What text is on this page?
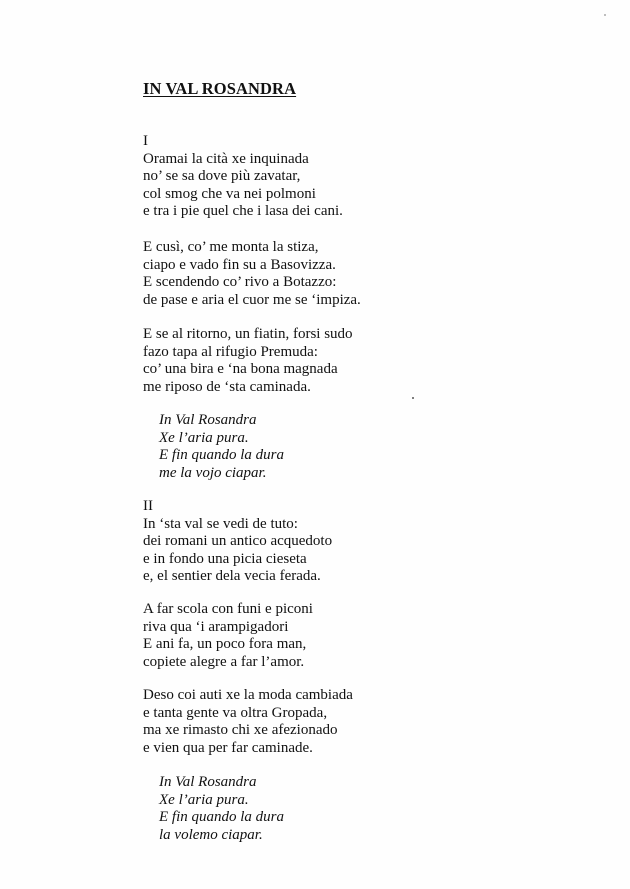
IN VAL ROSANDRA
I
Oramai la cità xe inquinada
no’ se sa dove più zavatar,
col smog che va nei polmoni
e tra i pie quel che i lasa dei cani.
E cusì, co’ me monta la stiza,
ciapo e vado fin su a Basovizza.
E scendendo co’ rivo a Botazzo:
de pase e aria el cuor me se ‘impiza.
E se al ritorno, un fiatin, forsi sudo
fazo tapa al rifugio Premuda:
co’ una bira e ‘na bona magnada
me riposo de ‘sta caminada.
In Val Rosandra
Xe l’aria pura.
E fin quando la dura
me la vojo ciapar.
II
In ‘sta val se vedi de tuto:
dei romani un antico acquedoto
e in fondo una picia cieseta
e, el sentier dela vecia ferada.
A far scola con funi e piconi
riva qua ‘i arampigadori
E ani fa, un poco fora man,
copiete alegre a far l’amor.
Deso coi auti xe la moda cambiada
e tanta gente va oltra Gropada,
ma xe rimasto chi xe afezionado
e vien qua per far caminade.
In Val Rosandra
Xe l’aria pura.
E fin quando la dura
la volemo ciapar.
